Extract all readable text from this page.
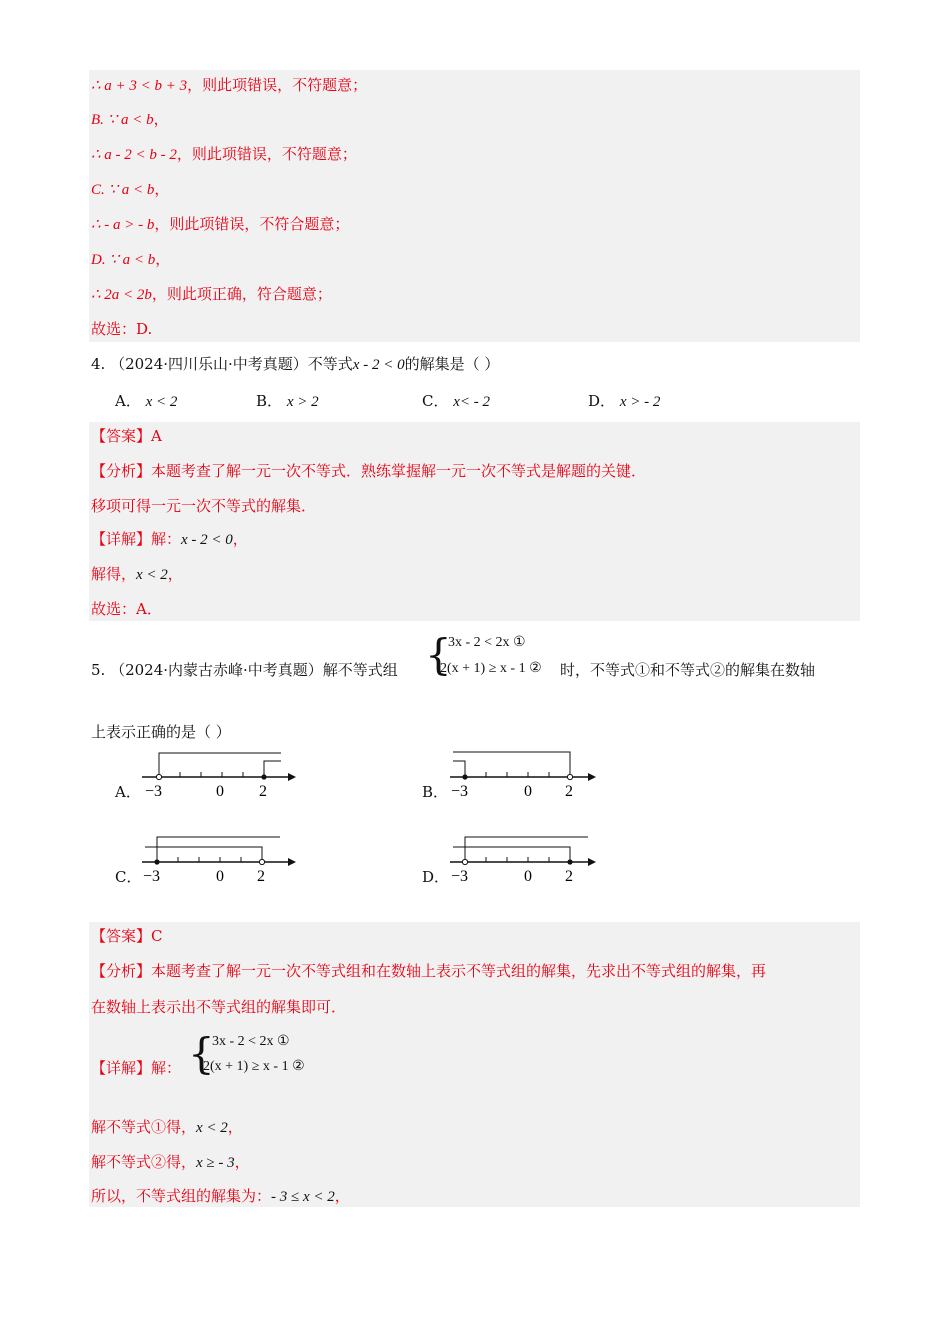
∴ a + 3 < b + 3，则此项错误，不符题意；
B. ∵ a < b，
∴ a - 2 < b - 2，则此项错误，不符题意；
C. ∵ a < b，
∴ - a > - b，则此项错误，不符合题意；
D. ∵ a < b，
∴ 2a < 2b，则此项正确，符合题意；
故选：D.
4. （2024·四川乐山·中考真题）不等式x - 2 < 0的解集是（ ）
A． x < 2	B． x > 2	C． x< - 2	D． x > - 2
【答案】A
【分析】本题考查了解一元一次不等式．熟练掌握解一元一次不等式是解题的关键．
移项可得一元一次不等式的解集．
【详解】解：x - 2 < 0，
解得，x < 2，
故选：A．
5. （2024·内蒙古赤峰·中考真题）解不等式组 {
3x - 2 < 2x ①
2(x + 1) ≥ x - 1 ② 时，不等式①和不等式②的解集在数轴
上表示正确的是（ ）
A． −3	0 2	B． −3	0 2
C． −3	0 2	D． −3	0 2
【答案】C
【分析】本题考查了解一元一次不等式组和在数轴上表示不等式组的解集，先求出不等式组的解集，再
在数轴上表示出不等式组的解集即可．
【详解】解： {
3x - 2 < 2x ①
2(x + 1) ≥ x - 1 ②
解不等式①得，x < 2，
解不等式②得，x ≥ - 3，
所以，不等式组的解集为：- 3 ≤ x < 2，
